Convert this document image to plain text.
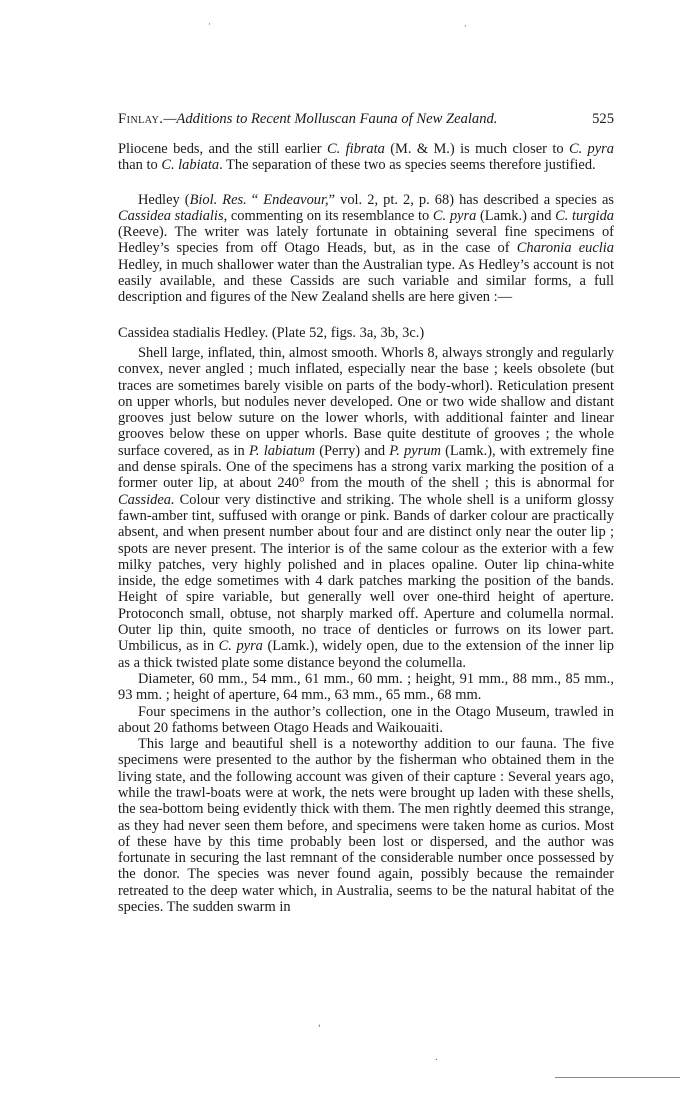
·	·
Finlay.—Additions to Recent Molluscan Fauna of New Zealand.	525

Pliocene beds, and the still earlier C. fibrata (M. & M.) is much closer to C. pyra than to C. labiata. The separation of these two as species seems therefore justified.

Hedley (Biol. Res. “ Endeavour,” vol. 2, pt. 2, p. 68) has described a species as Cassidea stadialis, commenting on its resemblance to C. pyra (Lamk.) and C. turgida (Reeve). The writer was lately fortunate in obtaining several fine specimens of Hedley’s species from off Otago Heads, but, as in the case of Charonia euclia Hedley, in much shallower water than the Australian type. As Hedley’s account is not easily available, and these Cassids are such variable and similar forms, a full description and figures of the New Zealand shells are here given :—

Cassidea stadialis Hedley. (Plate 52, figs. 3a, 3b, 3c.)

Shell large, inflated, thin, almost smooth. Whorls 8, always strongly and regularly convex, never angled ; much inflated, especially near the base ; keels obsolete (but traces are sometimes barely visible on parts of the body-whorl). Reticulation present on upper whorls, but nodules never developed. One or two wide shallow and distant grooves just below suture on the lower whorls, with additional fainter and linear grooves below these on upper whorls. Base quite destitute of grooves ; the whole surface covered, as in P. labiatum (Perry) and P. pyrum (Lamk.), with extremely fine and dense spirals. One of the specimens has a strong varix marking the position of a former outer lip, at about 240° from the mouth of the shell ; this is abnormal for Cassidea. Colour very distinctive and striking. The whole shell is a uniform glossy fawn-amber tint, suffused with orange or pink. Bands of darker colour are practically absent, and when present number about four and are distinct only near the outer lip ; spots are never present. The interior is of the same colour as the exterior with a few milky patches, very highly polished and in places opaline. Outer lip china-white inside, the edge sometimes with 4 dark patches marking the position of the bands. Height of spire variable, but generally well over one-third height of aperture. Protoconch small, obtuse, not sharply marked off. Aperture and columella normal. Outer lip thin, quite smooth, no trace of denticles or furrows on its lower part. Umbilicus, as in C. pyra (Lamk.), widely open, due to the extension of the inner lip as a thick twisted plate some distance beyond the columella.

Diameter, 60 mm., 54 mm., 61 mm., 60 mm. ; height, 91 mm., 88 mm., 85 mm., 93 mm. ; height of aperture, 64 mm., 63 mm., 65 mm., 68 mm.

Four specimens in the author’s collection, one in the Otago Museum, trawled in about 20 fathoms between Otago Heads and Waikouaiti.

This large and beautiful shell is a noteworthy addition to our fauna. The five specimens were presented to the author by the fisherman who obtained them in the living state, and the following account was given of their capture : Several years ago, while the trawl-boats were at work, the nets were brought up laden with these shells, the sea-bottom being evidently thick with them. The men rightly deemed this strange, as they had never seen them before, and specimens were taken home as curios. Most of these have by this time probably been lost or dispersed, and the author was fortunate in securing the last remnant of the considerable number once possessed by the donor. The species was never found again, possibly because the remainder retreated to the deep water which, in Australia, seems to be the natural habitat of the species. The sudden swarm in

'
.
